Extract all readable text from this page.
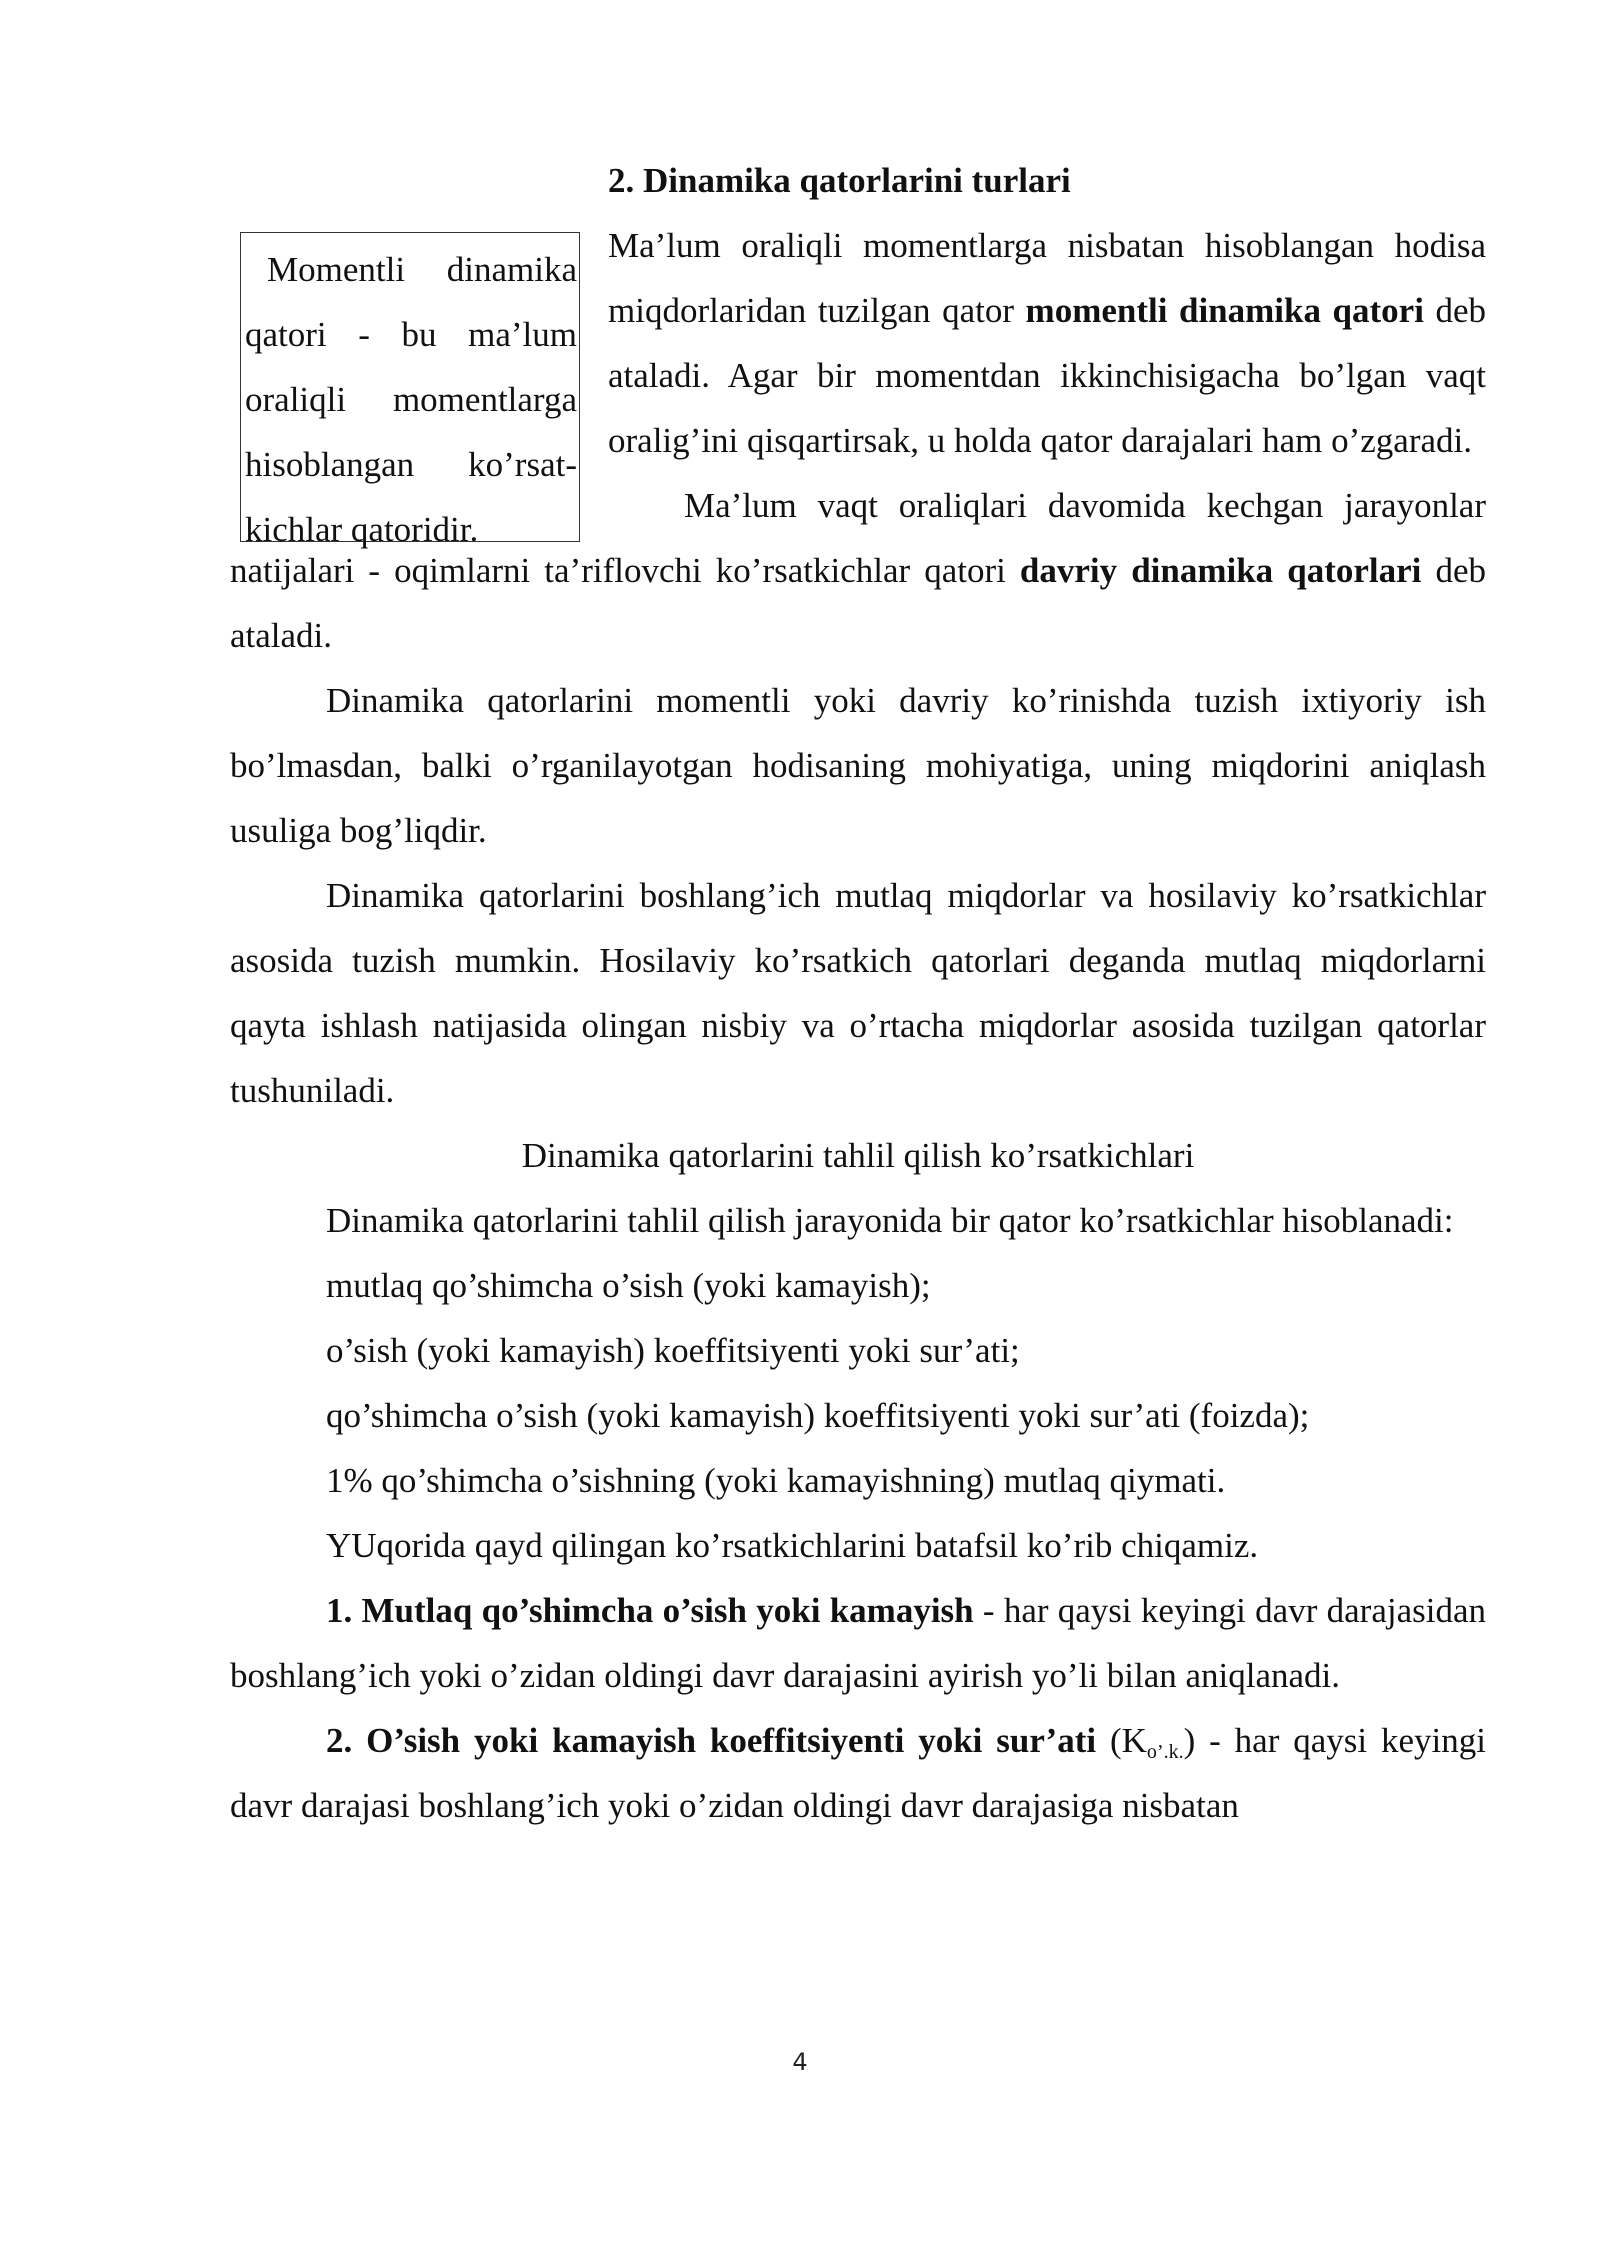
Momentli dinamika qatori - bu ma’lum oraliqli momentlarga hisoblangan ko’rsat-kichlar qatoridir.

2. Dinamika qatorlarini turlari

Ma’lum oraliqli momentlarga nisbatan hisoblangan hodisa miqdorlaridan tuzilgan qator momentli dinamika qatori deb ataladi. Agar bir momentdan ikkinchisigacha bo’lgan vaqt oralig’ini qisqartirsak, u holda qator darajalari ham o’zgaradi.

Ma’lum vaqt oraliqlari davomida kechgan jarayonlar natijalari - oqimlarni ta’riflovchi ko’rsatkichlar qatori davriy dinamika qatorlari deb ataladi.

Dinamika qatorlarini momentli yoki davriy ko’rinishda tuzish ixtiyoriy ish bo’lmasdan, balki o’rganilayotgan hodisaning mohiyatiga, uning miqdorini aniqlash usuliga bog’liqdir.

Dinamika qatorlarini boshlang’ich mutlaq miqdorlar va hosilaviy ko’rsatkichlar asosida tuzish mumkin. Hosilaviy ko’rsatkich qatorlari deganda mutlaq miqdorlarni qayta ishlash natijasida olingan nisbiy va o’rtacha miqdorlar asosida tuzilgan qatorlar tushuniladi.

Dinamika qatorlarini tahlil qilish ko’rsatkichlari

Dinamika qatorlarini tahlil qilish jarayonida bir qator ko’rsatkichlar hisoblanadi:

mutlaq qo’shimcha o’sish (yoki kamayish);

o’sish (yoki kamayish) koeffitsiyenti yoki sur’ati;

qo’shimcha o’sish (yoki kamayish) koeffitsiyenti yoki sur’ati (foizda);

1% qo’shimcha o’sishning (yoki kamayishning) mutlaq qiymati.

YUqorida qayd qilingan ko’rsatkichlarini batafsil ko’rib chiqamiz.

1. Mutlaq qo’shimcha o’sish yoki kamayish - har qaysi keyingi davr darajasidan boshlang’ich yoki o’zidan oldingi davr darajasini ayirish yo’li bilan aniqlanadi.

2. O’sish yoki kamayish koeffitsiyenti yoki sur’ati $(K_{o’.k.})$ - har qaysi keyingi davr darajasi boshlang’ich yoki o’zidan oldingi davr darajasiga nisbatan

4
